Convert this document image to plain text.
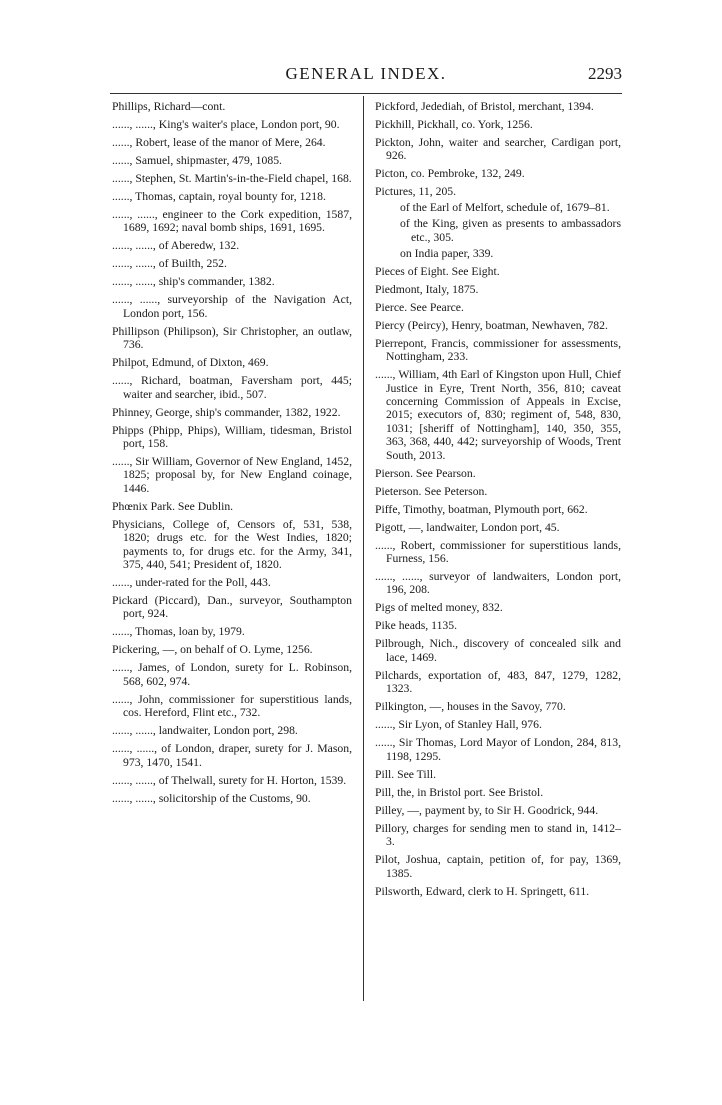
GENERAL INDEX.	2293

Phillips, Richard—cont.

......, ......, King's waiter's place, London port, 90.

......, Robert, lease of the manor of Mere, 264.

......, Samuel, shipmaster, 479, 1085.

......, Stephen, St. Martin's-in-the-Field chapel, 168.

......, Thomas, captain, royal bounty for, 1218.

......, ......, engineer to the Cork expedition, 1587, 1689, 1692; naval bomb ships, 1691, 1695.

......, ......, of Aberedw, 132.

......, ......, of Builth, 252.

......, ......, ship's commander, 1382.

......, ......, surveyorship of the Navigation Act, London port, 156.

Phillipson (Philipson), Sir Christopher, an outlaw, 736.

Philpot, Edmund, of Dixton, 469.

......, Richard, boatman, Faversham port, 445; waiter and searcher, ibid., 507.

Phinney, George, ship's commander, 1382, 1922.

Phipps (Phipp, Phips), William, tidesman, Bristol port, 158.

......, Sir William, Governor of New England, 1452, 1825; proposal by, for New England coinage, 1446.

Phœnix Park. See Dublin.

Physicians, College of, Censors of, 531, 538, 1820; drugs etc. for the West Indies, 1820; payments to, for drugs etc. for the Army, 341, 375, 440, 541; President of, 1820.

......, under-rated for the Poll, 443.

Pickard (Piccard), Dan., surveyor, Southampton port, 924.

......, Thomas, loan by, 1979.

Pickering, —, on behalf of O. Lyme, 1256.

......, James, of London, surety for L. Robinson, 568, 602, 974.

......, John, commissioner for superstitious lands, cos. Hereford, Flint etc., 732.

......, ......, landwaiter, London port, 298.

......, ......, of London, draper, surety for J. Mason, 973, 1470, 1541.

......, ......, of Thelwall, surety for H. Horton, 1539.

......, ......, solicitorship of the Customs, 90.

Pickford, Jedediah, of Bristol, merchant, 1394.

Pickhill, Pickhall, co. York, 1256.

Pickton, John, waiter and searcher, Cardigan port, 926.

Picton, co. Pembroke, 132, 249.

Pictures, 11, 205.

of the Earl of Melfort, schedule of, 1679–81.

of the King, given as presents to ambassadors etc., 305.

on India paper, 339.

Pieces of Eight. See Eight.

Piedmont, Italy, 1875.

Pierce. See Pearce.

Piercy (Peircy), Henry, boatman, Newhaven, 782.

Pierrepont, Francis, commissioner for assessments, Nottingham, 233.

......, William, 4th Earl of Kingston upon Hull, Chief Justice in Eyre, Trent North, 356, 810; caveat concerning Commission of Appeals in Excise, 2015; executors of, 830; regiment of, 548, 830, 1031; [sheriff of Nottingham], 140, 350, 355, 363, 368, 440, 442; surveyorship of Woods, Trent South, 2013.

Pierson. See Pearson.

Pieterson. See Peterson.

Piffe, Timothy, boatman, Plymouth port, 662.

Pigott, —, landwaiter, London port, 45.

......, Robert, commissioner for superstitious lands, Furness, 156.

......, ......, surveyor of landwaiters, London port, 196, 208.

Pigs of melted money, 832.

Pike heads, 1135.

Pilbrough, Nich., discovery of concealed silk and lace, 1469.

Pilchards, exportation of, 483, 847, 1279, 1282, 1323.

Pilkington, —, houses in the Savoy, 770.

......, Sir Lyon, of Stanley Hall, 976.

......, Sir Thomas, Lord Mayor of London, 284, 813, 1198, 1295.

Pill. See Till.

Pill, the, in Bristol port. See Bristol.

Pilley, —, payment by, to Sir H. Goodrick, 944.

Pillory, charges for sending men to stand in, 1412–3.

Pilot, Joshua, captain, petition of, for pay, 1369, 1385.

Pilsworth, Edward, clerk to H. Springett, 611.
